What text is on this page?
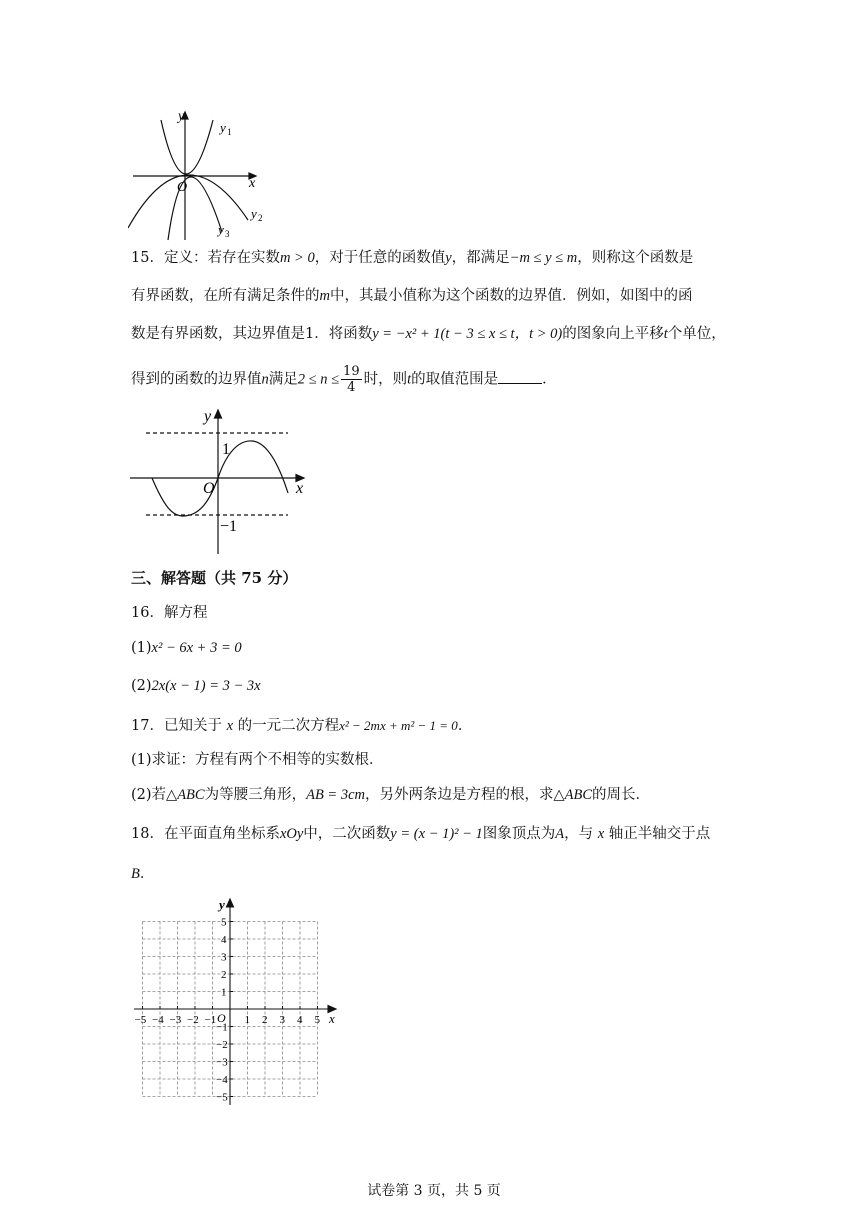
y
x
O
y 1
y 2
y 3
15．定义：若存在实数m > 0，对于任意的函数值y，都满足−m ≤ y ≤ m，则称这个函数是
有界函数，在所有满足条件的m中，其最小值称为这个函数的边界值．例如，如图中的函
数是有界函数，其边界值是1．将函数y = −x² + 1(t − 3 ≤ x ≤ t，t > 0)的图象向上平移t个单位，
得到的函数的边界值n满足$2 \le n \le \frac{19}{4}$ 时，则t的取值范围是	．
y
x
O
1
−1
三、解答题（共 75 分）
16．解方程
(1)x² − 6x + 3 = 0
(2)2x(x − 1) = 3 − 3x
17．已知关于 x 的一元二次方程x² − 2mx + m² − 1 = 0．
(1)求证：方程有两个不相等的实数根．
(2)若△ABC为等腰三角形，AB = 3cm，另外两条边是方程的根，求△ABC的周长．
18．在平面直角坐标系xOy中，二次函数y = (x − 1)² − 1图象顶点为A，与 x 轴正半轴交于点
B．
−5 −4 −3 −2 −1	1 2 3 4 5
5
4
3
2
1
−1
−2
−3
−4
−5
y
x
O
试卷第 3 页，共 5 页
